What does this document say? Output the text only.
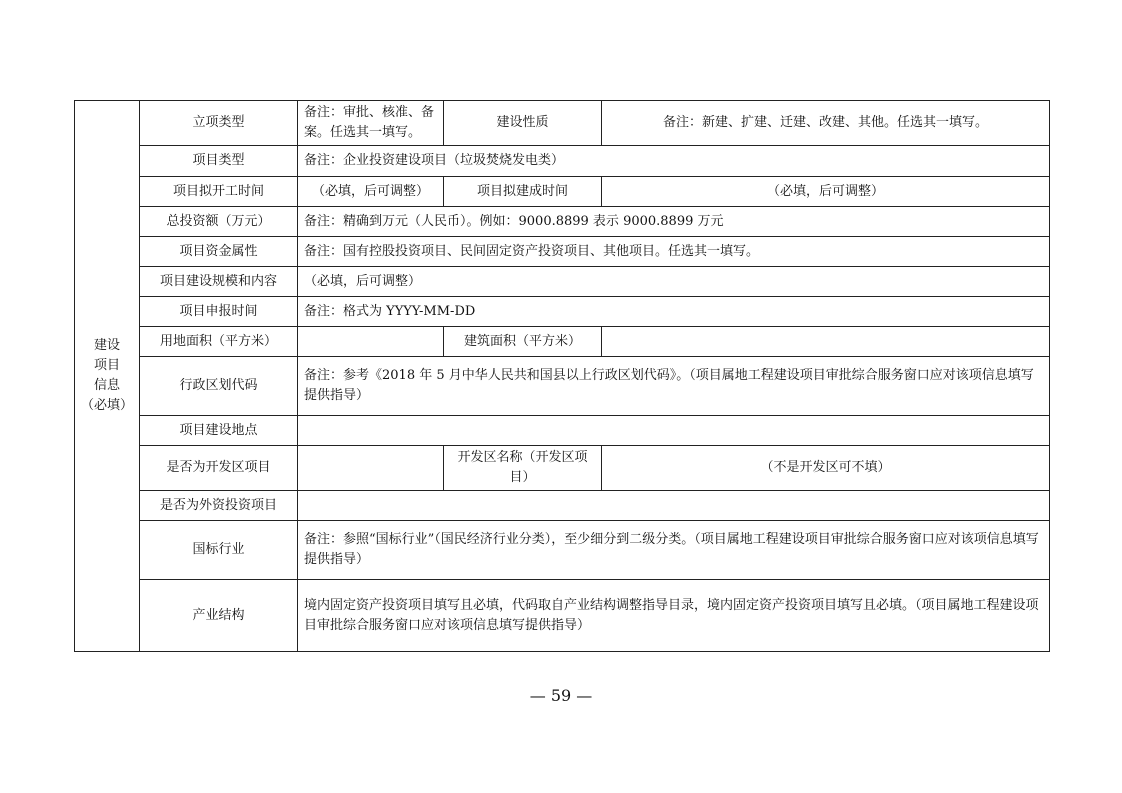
建设
项目
信息
（必填）	立项类型	备注：审批、核准、备案。任选其一填写。	建设性质	备注：新建、扩建、迁建、改建、其他。任选其一填写。
	项目类型	备注：企业投资建设项目（垃圾焚烧发电类）		
	项目拟开工时间	（必填，后可调整）	项目拟建成时间	（必填，后可调整）
	总投资额（万元）	备注：精确到万元（人民币）。例如：9000.8899 表示 9000.8899 万元		
	项目资金属性	备注：国有控股投资项目、民间固定资产投资项目、其他项目。任选其一填写。		
	项目建设规模和内容	（必填，后可调整）		
	项目申报时间	备注：格式为 YYYY-MM-DD		
	用地面积（平方米）		建筑面积（平方米）	
	行政区划代码	备注：参考《2018 年 5 月中华人民共和国县以上行政区划代码》。（项目属地工程建设项目审批综合服务窗口应对该项信息填写提供指导）		
	项目建设地点			
	是否为开发区项目		开发区名称（开发区项目）	（不是开发区可不填）
	是否为外资投资项目			
	国标行业	备注：参照“国标行业”（国民经济行业分类），至少细分到二级分类。（项目属地工程建设项目审批综合服务窗口应对该项信息填写提供指导）		
	产业结构	境内固定资产投资项目填写且必填，代码取自产业结构调整指导目录，境内固定资产投资项目填写且必填。（项目属地工程建设项目审批综合服务窗口应对该项信息填写提供指导）		
— 59 —
